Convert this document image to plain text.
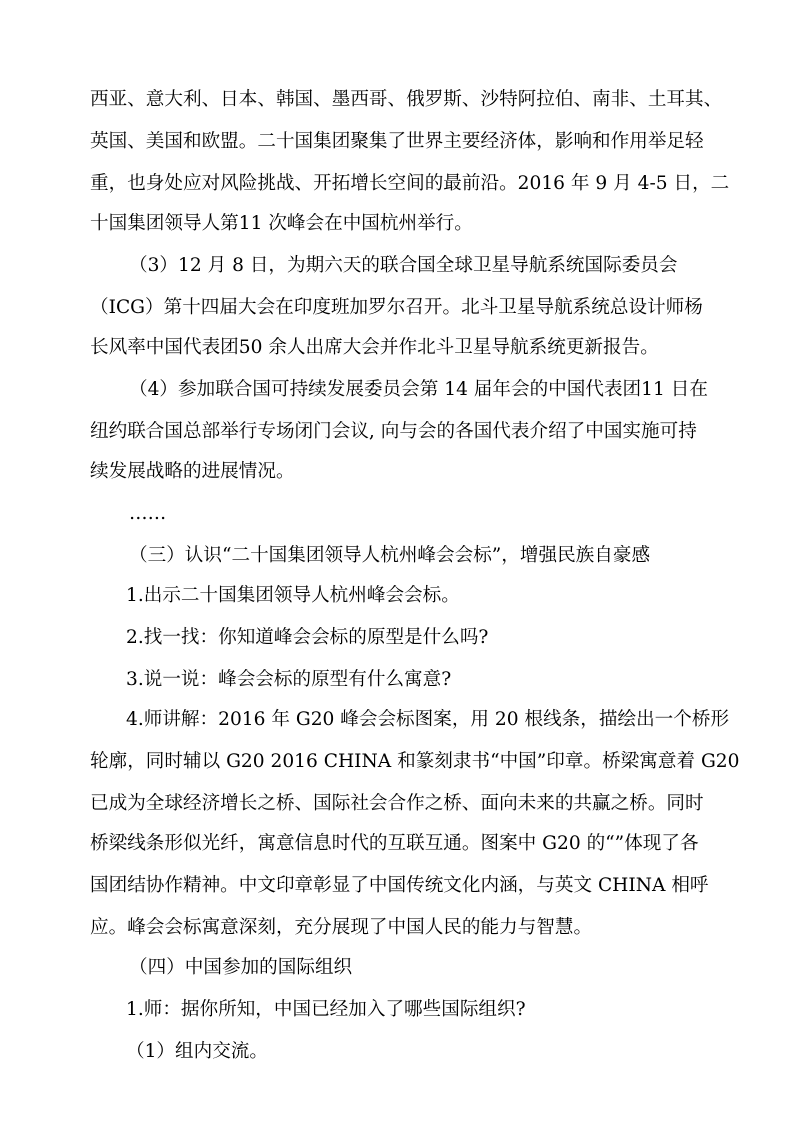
西亚、意大利、日本、韩国、墨西哥、俄罗斯、沙特阿拉伯、南非、土耳其、
英国、美国和欧盟。二十国集团聚集了世界主要经济体，影响和作用举足轻
重，也身处应对风险挑战、开拓增长空间的最前沿。2016 年 9 月 4-5 日，二
十国集团领导人第11 次峰会在中国杭州举行。
（3）12 月 8 日，为期六天的联合国全球卫星导航系统国际委员会
（ICG）第十四届大会在印度班加罗尔召开。北斗卫星导航系统总设计师杨
长风率中国代表团50 余人出席大会并作北斗卫星导航系统更新报告。
（4）参加联合国可持续发展委员会第 14 届年会的中国代表团11 日在
纽约联合国总部举行专场闭门会议, 向与会的各国代表介绍了中国实施可持
续发展战略的进展情况。
……
（三）认识“二十国集团领导人杭州峰会会标”，增强民族自豪感
1.出示二十国集团领导人杭州峰会会标。
2.找一找：你知道峰会会标的原型是什么吗?
3.说一说：峰会会标的原型有什么寓意?
4.师讲解：2016 年 G20 峰会会标图案，用 20 根线条，描绘出一个桥形
轮廓，同时辅以 G20 2016 CHINA 和篆刻隶书“中国”印章。桥梁寓意着 G20
已成为全球经济增长之桥、国际社会合作之桥、面向未来的共赢之桥。同时
桥梁线条形似光纤，寓意信息时代的互联互通。图案中 G20 的“”体现了各
国团结协作精神。中文印章彰显了中国传统文化内涵，与英文 CHINA 相呼
应。峰会会标寓意深刻，充分展现了中国人民的能力与智慧。
（四）中国参加的国际组织
1.师：据你所知，中国已经加入了哪些国际组织?
（1）组内交流。
